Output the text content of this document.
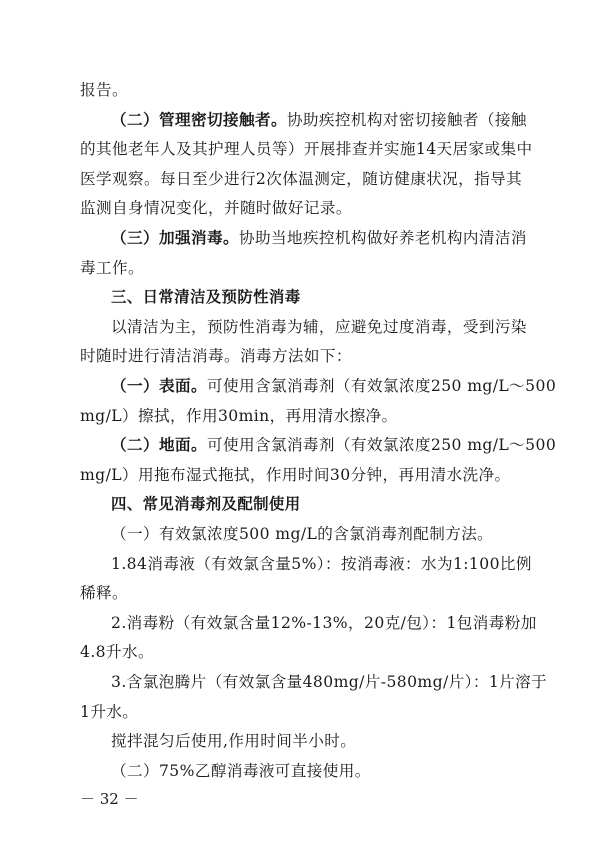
报告。
（二）管理密切接触者。协助疾控机构对密切接触者（接触
的其他老年人及其护理人员等）开展排查并实施14天居家或集中
医学观察。每日至少进行2次体温测定，随访健康状况，指导其
监测自身情况变化，并随时做好记录。
（三）加强消毒。协助当地疾控机构做好养老机构内清洁消
毒工作。
三、日常清洁及预防性消毒
以清洁为主，预防性消毒为辅，应避免过度消毒，受到污染
时随时进行清洁消毒。消毒方法如下：
（一）表面。可使用含氯消毒剂（有效氯浓度250 mg/L～500
mg/L）擦拭，作用30min，再用清水擦净。
（二）地面。可使用含氯消毒剂（有效氯浓度250 mg/L～500
mg/L）用拖布湿式拖拭，作用时间30分钟，再用清水洗净。
四、常见消毒剂及配制使用
（一）有效氯浓度500 mg/L的含氯消毒剂配制方法。
1.84消毒液（有效氯含量5%）：按消毒液：水为1:100比例
稀释。
2.消毒粉（有效氯含量12%-13%，20克/包）：1包消毒粉加
4.8升水。
3.含氯泡腾片（有效氯含量480mg/片-580mg/片）：1片溶于
1升水。
搅拌混匀后使用,作用时间半小时。
（二）75%乙醇消毒液可直接使用。
－ 32 －
